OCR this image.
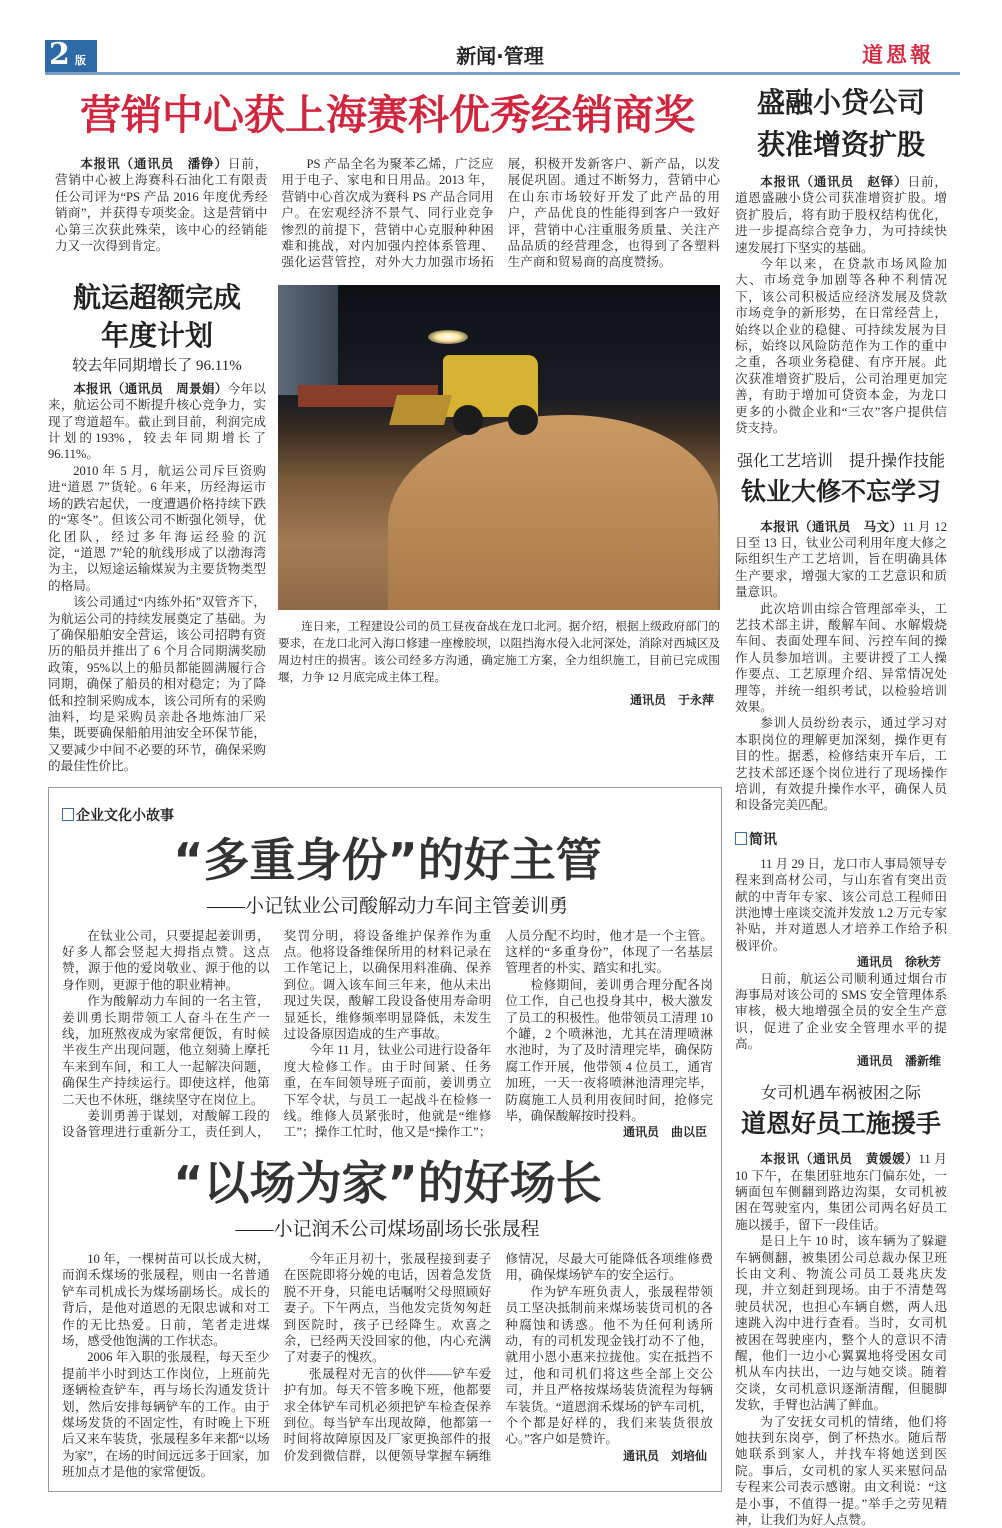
2 版	新闻·管理	道恩報
营销中心获上海赛科优秀经销商奖

本报讯（通讯员　潘铮）日前，营销中心被上海赛科石油化工有限责任公司评为“PS 产品 2016 年度优秀经销商”，并获得专项奖金。这是营销中心第三次获此殊荣，该中心的经销能力又一次得到肯定。

PS 产品全名为聚苯乙烯，广泛应用于电子、家电和日用品。2013 年，营销中心首次成为赛科 PS 产品合同用户。在宏观经济不景气、同行业竞争惨烈的前提下，营销中心克服种种困难和挑战，对内加强内控体系管理、强化运营管控，对外大力加强市场拓展，积极开发新客户、新产品，以发展促巩固。通过不断努力，营销中心在山东市场较好开发了此产品的用户，产品优良的性能得到客户一致好评，营销中心注重服务质量、关注产品品质的经营理念，也得到了各塑料生产商和贸易商的高度赞扬。

航运超额完成
年度计划
较去年同期增长了 96.11%

本报讯（通讯员　周景娟）今年以来，航运公司不断提升核心竞争力，实现了弯道超车。截止到目前，利润完成计划的193%，较去年同期增长了 96.11%。

2010 年 5 月，航运公司斥巨资购进“道恩 7”货轮。6 年来，历经海运市场的跌宕起伏，一度遭遇价格持续下跌的“寒冬”。但该公司不断强化领导，优化团队，经过多年海运经验的沉淀，“道恩 7”轮的航线形成了以渤海湾为主，以短途运输煤炭为主要货物类型的格局。

该公司通过“内练外拓”双管齐下，为航运公司的持续发展奠定了基础。为了确保船舶安全营运，该公司招聘有资历的船员并推出了 6 个月合同期满奖励政策，95%以上的船员都能圆满履行合同期，确保了船员的相对稳定；为了降低和控制采购成本，该公司所有的采购油料，均是采购员亲赴各地炼油厂采集，既要确保船舶用油安全环保节能，又要减少中间不必要的环节，确保采购的最佳性价比。

连日来，工程建设公司的员工昼夜奋战在龙口北河。据介绍，根据上级政府部门的要求，在龙口北河入海口修建一座橡胶坝，以阻挡海水侵入北河深处，消除对西城区及周边村庄的损害。该公司经多方沟通，确定施工方案，全力组织施工，目前已完成围堰，力争 12 月底完成主体工程。
通讯员　于永萍
企业文化小故事
“多重身份”的好主管
——小记钛业公司酸解动力车间主管姜训勇

在钛业公司，只要提起姜训勇，好多人都会竖起大拇指点赞。这点赞，源于他的爱岗敬业、源于他的以身作则，更源于他的职业精神。

作为酸解动力车间的一名主管，姜训勇长期带领工人奋斗在生产一线，加班熬夜成为家常便饭，有时候半夜生产出现问题，他立刻骑上摩托车来到车间，和工人一起解决问题，确保生产持续运行。即使这样，他第二天也不休班，继续坚守在岗位上。

姜训勇善于谋划，对酸解工段的设备管理进行重新分工，责任到人，奖罚分明，将设备维护保养作为重点。他将设备维保所用的材料记录在工作笔记上，以确保用料准确、保养到位。调入该车间三年来，他从未出现过失误，酸解工段设备使用寿命明显延长，维修频率明显降低，未发生过设备原因造成的生产事故。

今年 11 月，钛业公司进行设备年度大检修工作。由于时间紧、任务重，在车间领导班子面前，姜训勇立下军令状，与员工一起战斗在检修一线。维修人员紧张时，他就是“维修工”；操作工忙时，他又是“操作工”；人员分配不均时，他才是一个主管。这样的“多重身份”，体现了一名基层管理者的朴实、踏实和扎实。

检修期间，姜训勇合理分配各岗位工作，自己也投身其中，极大激发了员工的积极性。他带领员工清理 10 个罐，2 个喷淋池，尤其在清理喷淋水池时，为了及时清理完毕，确保防腐工作开展，他带领 4 位员工，通宵加班，一天一夜将喷淋池清理完毕，防腐施工人员利用夜间时间，抢修完毕，确保酸解按时投料。

通讯员　曲以臣

“以场为家”的好场长
——小记润禾公司煤场副场长张晟程

10 年，一棵树苗可以长成大树，而润禾煤场的张晟程，则由一名普通铲车司机成长为煤场副场长。成长的背后，是他对道恩的无限忠诚和对工作的无比热爱。日前，笔者走进煤场，感受他饱满的工作状态。

2006 年入职的张晟程，每天至少提前半小时到达工作岗位，上班前先逐辆检查铲车，再与场长沟通发货计划，然后安排每辆铲车的工作。由于煤场发货的不固定性，有时晚上下班后又来车装货，张晟程多年来都“以场为家”，在场的时间远远多于回家，加班加点才是他的家常便饭。

今年正月初十，张晟程接到妻子在医院即将分娩的电话，因着急发货脱不开身，只能电话嘱咐父母照顾好妻子。下午两点，当他发完货匆匆赶到医院时，孩子已经降生。欢喜之余，已经两天没回家的他，内心充满了对妻子的愧疚。

张晟程对无言的伙伴——铲车爱护有加。每天不管多晚下班，他都要求全体铲车司机必须把铲车检查保养到位。每当铲车出现故障，他都第一时间将故障原因及厂家更换部件的报价发到微信群，以便领导掌握车辆维修情况，尽最大可能降低各项维修费用，确保煤场铲车的安全运行。

作为铲车班负责人，张晟程带领员工坚决抵制前来煤场装货司机的各种腐蚀和诱惑。他不为任何利诱所动，有的司机发现金钱打动不了他，就用小恩小惠来拉拢他。实在抵挡不过，他和司机们将这些全部上交公司，并且严格按煤场装货流程为每辆车装货。“道恩润禾煤场的铲车司机，个个都是好样的，我们来装货很放心。”客户如是赞许。

通讯员　刘培仙

盛融小贷公司
获准增资扩股

本报讯（通讯员　赵铎）日前，道恩盛融小贷公司获准增资扩股。增资扩股后，将有助于股权结构优化，进一步提高综合竞争力，为可持续快速发展打下坚实的基础。

今年以来，在贷款市场风险加大、市场竞争加剧等各种不利情况下，该公司积极适应经济发展及贷款市场竞争的新形势，在日常经营上，始终以企业的稳健、可持续发展为目标，始终以风险防范作为工作的重中之重，各项业务稳健、有序开展。此次获准增资扩股后，公司治理更加完善，有助于增加可贷资本金，为龙口更多的小微企业和“三农”客户提供信贷支持。

强化工艺培训　提升操作技能
钛业大修不忘学习

本报讯（通讯员　马文）11 月 12 日至 13 日，钛业公司利用年度大修之际组织生产工艺培训，旨在明确具体生产要求，增强大家的工艺意识和质量意识。

此次培训由综合管理部牵头，工艺技术部主讲，酸解车间、水解煅烧车间、表面处理车间、污控车间的操作人员参加培训。主要讲授了工人操作要点、工艺原理介绍、异常情况处理等，并统一组织考试，以检验培训效果。

参训人员纷纷表示，通过学习对本职岗位的理解更加深刻，操作更有目的性。据悉，检修结束开车后，工艺技术部还逐个岗位进行了现场操作培训，有效提升操作水平，确保人员和设备完美匹配。

简讯

11 月 29 日，龙口市人事局领导专程来到高材公司，与山东省有突出贡献的中青年专家、该公司总工程师田洪池博士座谈交流并发放 1.2 万元专家补贴，并对道恩人才培养工作给予积极评价。

通讯员　徐秋芳

日前，航运公司顺利通过烟台市海事局对该公司的 SMS 安全管理体系审核，极大地增强全员的安全生产意识，促进了企业安全管理水平的提高。

通讯员　潘新维

女司机遇车祸被困之际
道恩好员工施援手

本报讯（通讯员　黄媛媛）11 月 10 下午，在集团驻地东门偏东处，一辆面包车侧翻到路边沟渠，女司机被困在驾驶室内，集团公司两名好员工施以援手，留下一段佳话。

是日上午 10 时，该车辆为了躲避车辆侧翻，被集团公司总裁办保卫班长由文利、物流公司员工聂兆庆发现，并立刻赶到现场。由于不清楚驾驶员状况，也担心车辆自燃，两人迅速跳入沟中进行查看。当时，女司机被困在驾驶座内，整个人的意识不清醒，他们一边小心翼翼地将受困女司机从车内扶出，一边与她交谈。随着交谈，女司机意识逐渐清醒，但腿脚发软，手臂也沾满了鲜血。

为了安抚女司机的情绪，他们将她扶到东岗亭，倒了杯热水。随后帮她联系到家人，并找车将她送到医院。事后，女司机的家人买来慰问品专程来公司表示感谢。由文利说：“这是小事，不值得一提。”举手之劳见精神，让我们为好人点赞。
